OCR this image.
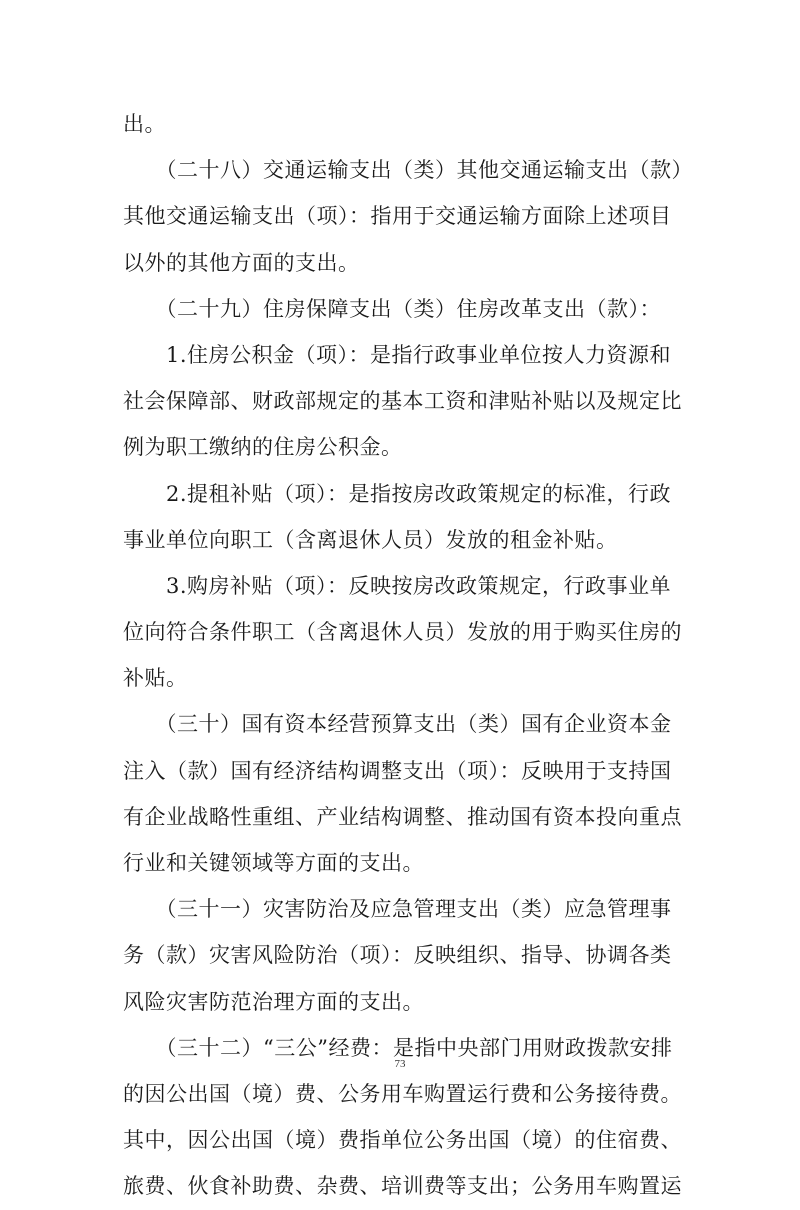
出。
　　（二十八）交通运输支出（类）其他交通运输支出（款）
其他交通运输支出（项）：指用于交通运输方面除上述项目
以外的其他方面的支出。
　　（二十九）住房保障支出（类）住房改革支出（款）：
　　1.住房公积金（项）：是指行政事业单位按人力资源和
社会保障部、财政部规定的基本工资和津贴补贴以及规定比
例为职工缴纳的住房公积金。
　　2.提租补贴（项）：是指按房改政策规定的标准，行政
事业单位向职工（含离退休人员）发放的租金补贴。
　　3.购房补贴（项）：反映按房改政策规定，行政事业单
位向符合条件职工（含离退休人员）发放的用于购买住房的
补贴。
　　（三十）国有资本经营预算支出（类）国有企业资本金
注入（款）国有经济结构调整支出（项）：反映用于支持国
有企业战略性重组、产业结构调整、推动国有资本投向重点
行业和关键领域等方面的支出。
　　（三十一）灾害防治及应急管理支出（类）应急管理事
务（款）灾害风险防治（项）：反映组织、指导、协调各类
风险灾害防范治理方面的支出。
　　（三十二）“三公”经费：是指中央部门用财政拨款安排
的因公出国（境）费、公务用车购置运行费和公务接待费。
其中，因公出国（境）费指单位公务出国（境）的住宿费、
旅费、伙食补助费、杂费、培训费等支出；公务用车购置运
73
